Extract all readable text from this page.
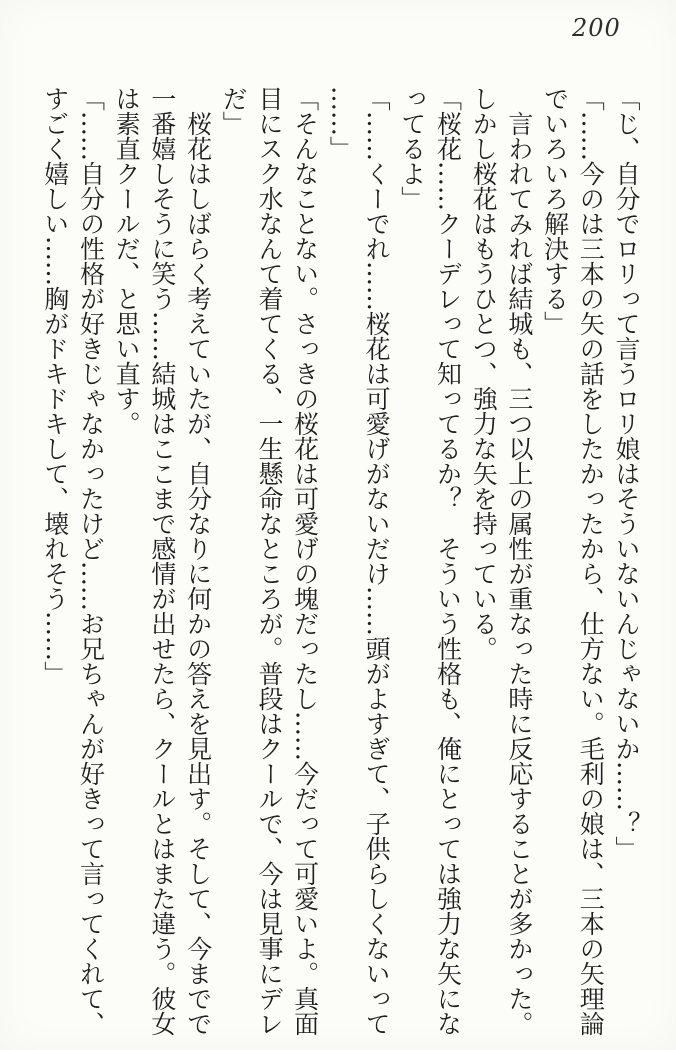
200

「じ、自分でロリって言うロリ娘はそういないんじゃないか……？」

「……今のは三本の矢の話をしたかったから、仕方ない。毛利の娘は、三本の矢理論

でいろいろ解決する」

言われてみれば結城も、三つ以上の属性が重なった時に反応することが多かった。

しかし桜花はもうひとつ、強力な矢を持っている。

「桜花……クーデレって知ってるか？　そういう性格も、俺にとっては強力な矢にな

ってるよ」

「……くーでれ……桜花は可愛げがないだけ……頭がよすぎて、子供らしくないって

……」

「そんなことない。さっきの桜花は可愛げの塊だったし……今だって可愛いよ。真面

目にスク水なんて着てくる、一生懸命なところが。普段はクールで、今は見事にデレ

だ」

桜花はしばらく考えていたが、自分なりに何かの答えを見出す。そして、今までで

一番嬉しそうに笑う……結城はここまで感情が出せたら、クールとはまた違う。彼女

は素直クールだ、と思い直す。

「……自分の性格が好きじゃなかったけど……お兄ちゃんが好きって言ってくれて、

すごく嬉しい……胸がドキドキして、壊れそう……」
